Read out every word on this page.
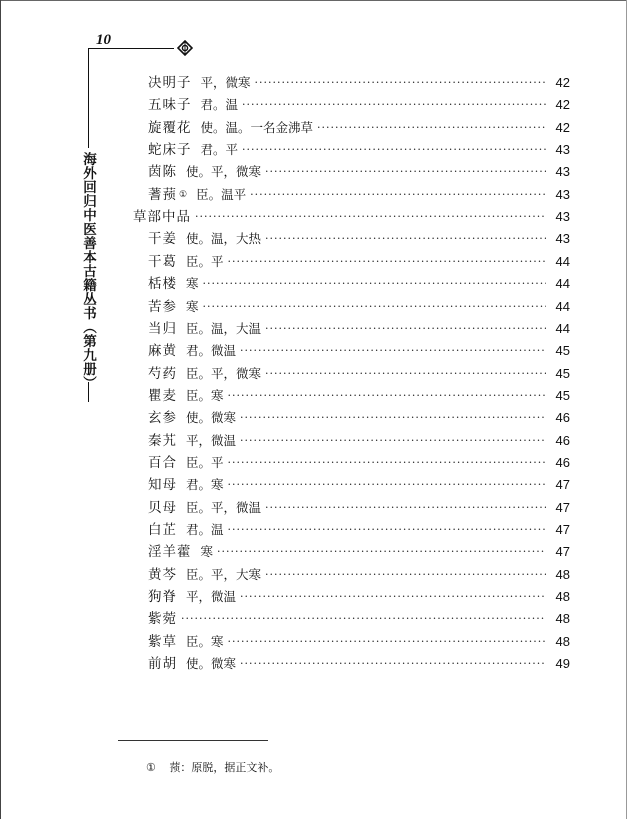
10
海外回归中医善本古籍丛书（第九册）
决明子 平，微寒 ·····	42
五味子 君。温 ·····	42
旋覆花 使。温。一名金沸草 ·····	42
蛇床子 君。平 ·····	43
茵陈 使。平，微寒 ·····	43
蓍蓣 ① 臣。温平 ·····	43
草部中品 ·····	43
干姜 使。温，大热 ·····	43
干葛 臣。平 ·····	44
栝楼 寒 ·····	44
苦参 寒 ·····	44
当归 臣。温，大温 ·····	44
麻黄 君。微温 ·····	45
芍药 臣。平，微寒 ·····	45
瞿麦 臣。寒 ·····	45
玄参 使。微寒 ·····	46
秦艽 平，微温 ·····	46
百合 臣。平 ·····	46
知母 君。寒 ·····	47
贝母 臣。平，微温 ·····	47
白芷 君。温 ·····	47
淫羊藿 寒 ·····	47
黄芩 臣。平，大寒 ·····	48
狗脊 平，微温 ·····	48
紫菀 ·····	48
紫草 臣。寒 ·····	48
前胡 使。微寒 ·····	49
① 蓣：原脱，据正文补。
